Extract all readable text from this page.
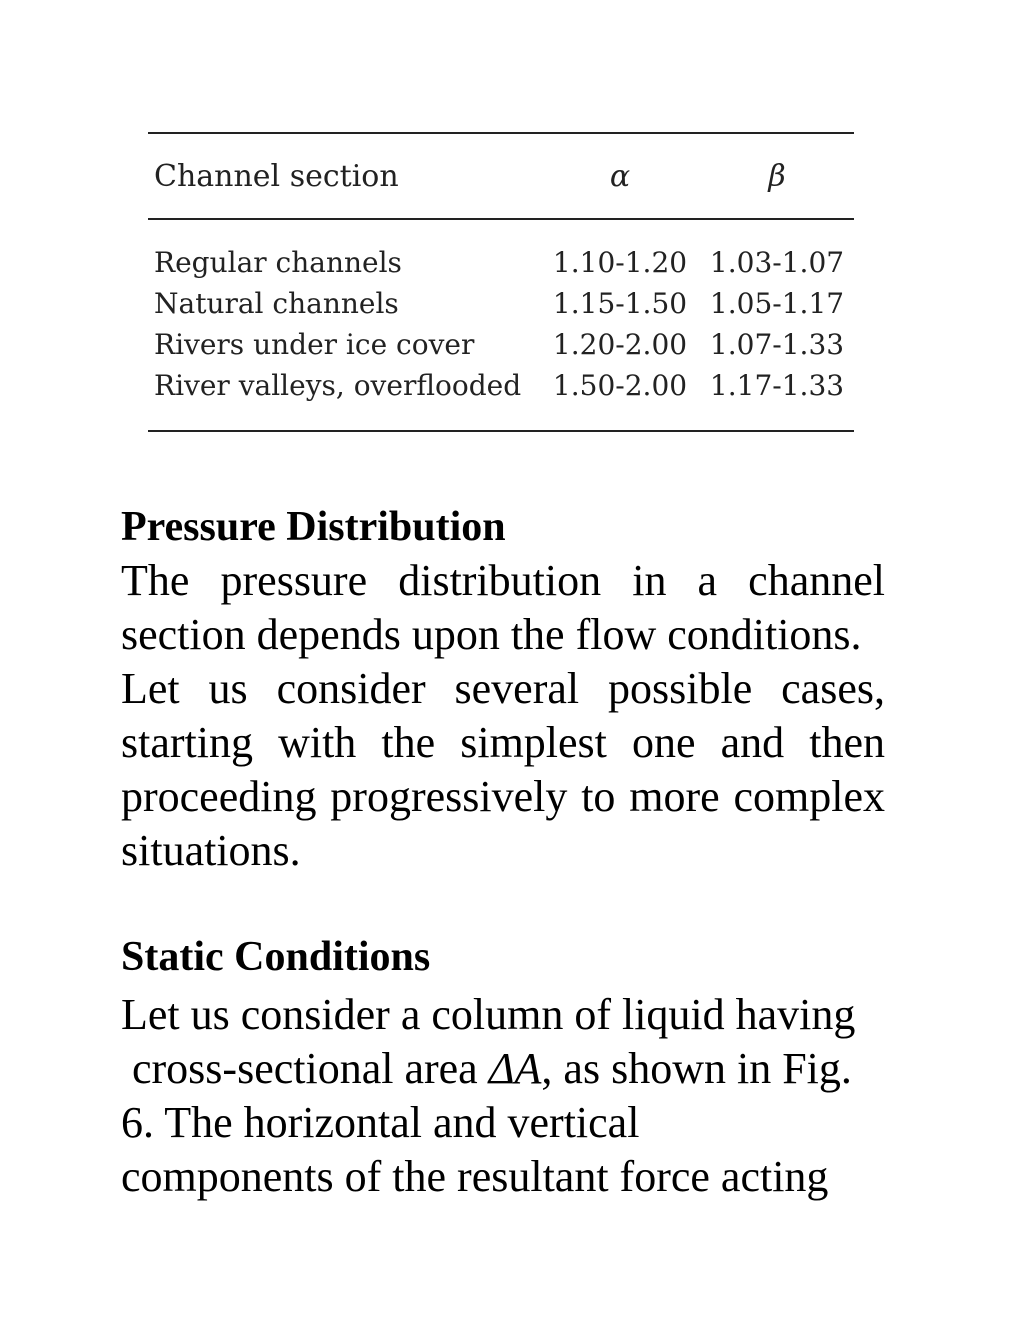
Channel section	α	β
Regular channels	1.10-1.20	1.03-1.07
Natural channels	1.15-1.50	1.05-1.17
Rivers under ice cover	1.20-2.00	1.07-1.33
River valleys, overflooded	1.50-2.00	1.17-1.33
Pressure Distribution

The pressure distribution in a channel section depends upon the flow conditions.

Let us consider several possible cases, starting with the simplest one and then proceeding progressively to more complex situations.

Static Conditions

Let us consider a column of liquid having
cross-sectional area ΔA, as shown in Fig.
6. The horizontal and vertical
components of the resultant force acting
